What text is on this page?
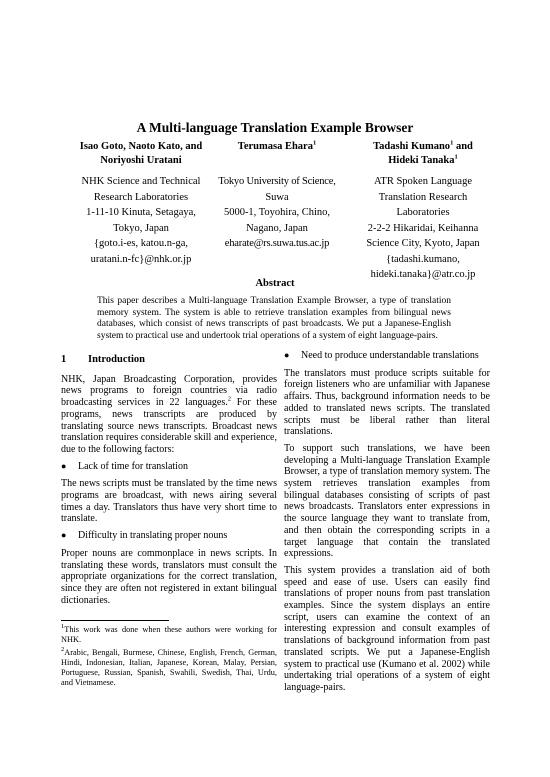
A Multi-language Translation Example Browser
Isao Goto, Naoto Kato, and
Noriyoshi Uratani
NHK Science and Technical
Research Laboratories
1-11-10 Kinuta, Setagaya,
Tokyo, Japan
{goto.i-es, katou.n-ga,
uratani.n-fc}@nhk.or.jp
Terumasa Ehara$^1$
Tokyo University of Science,
Suwa
5000-1, Toyohira, Chino,
Nagano, Japan
eharate@rs.suwa.tus.ac.jp
Tadashi Kumano$^1$ and
Hideki Tanaka$^1$
ATR Spoken Language
Translation Research
Laboratories
2-2-2 Hikaridai, Keihanna
Science City, Kyoto, Japan
{tadashi.kumano,
hideki.tanaka}@atr.co.jp
Abstract
This paper describes a Multi-language Translation Example Browser, a type of translation memory system. The system is able to retrieve translation examples from bilingual news databases, which consist of news transcripts of past broadcasts. We put a Japanese-English system to practical use and undertook trial operations of a system of eight language-pairs.
1 Introduction

NHK, Japan Broadcasting Corporation, provides news programs to foreign countries via radio broadcasting services in 22 languages.$^2$ For these programs, news transcripts are produced by translating source news transcripts. Broadcast news translation requires considerable skill and experience, due to the following factors:

●	Lack of time for translation

The news scripts must be translated by the time news programs are broadcast, with news airing several times a day. Translators thus have very short time to translate.

●	Difficulty in translating proper nouns

Proper nouns are commonplace in news scripts. In translating these words, translators must consult the appropriate organizations for the correct translation, since they are often not registered in extant bilingual dictionaries.

$^1$This work was done when these authors were working for NHK.
$^2$Arabic, Bengali, Burmese, Chinese, English, French, German, Hindi, Indonesian, Italian, Japanese, Korean, Malay, Persian, Portuguese, Russian, Spanish, Swahili, Swedish, Thai, Urdu, and Vietnamese.
●	Need to produce understandable translations

The translators must produce scripts suitable for foreign listeners who are unfamiliar with Japanese affairs. Thus, background information needs to be added to translated news scripts. The translated scripts must be liberal rather than literal translations.

To support such translations, we have been developing a Multi-language Translation Example Browser, a type of translation memory system. The system retrieves translation examples from bilingual databases consisting of scripts of past news broadcasts. Translators enter expressions in the source language they want to translate from, and then obtain the corresponding scripts in a target language that contain the translated expressions.

This system provides a translation aid of both speed and ease of use. Users can easily find translations of proper nouns from past translation examples. Since the system displays an entire script, users can examine the context of an interesting expression and consult examples of translations of background information from past translated scripts. We put a Japanese-English system to practical use (Kumano et al. 2002) while undertaking trial operations of a system of eight language-pairs.
